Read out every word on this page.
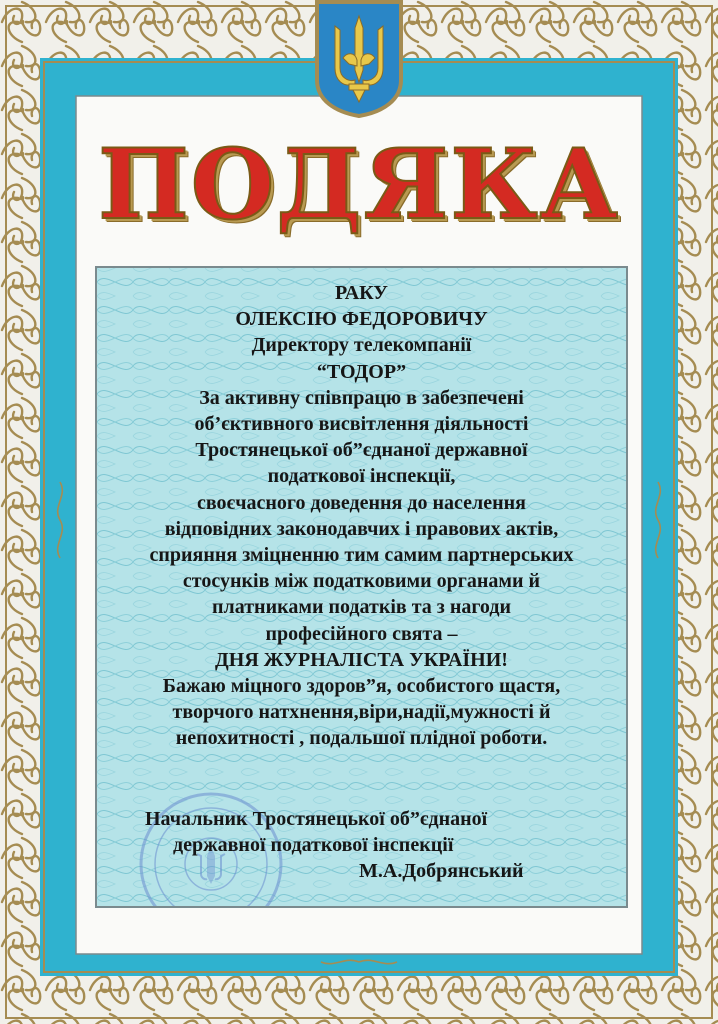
ПОДЯКА
РАКУ
ОЛЕКСІЮ ФЕДОРОВИЧУ
Директору телекомпанії
“ТОДОР”
За активну співпрацю в забезпечені
об’єктивного висвітлення діяльності
Тростянецької об”єднаної державної
податкової інспекції,
своєчасного доведення до населення
відповідних законодавчих і правових актів,
сприяння зміцненню тим самим партнерських
стосунків між податковими органами й
платниками податків та з нагоди
професійного свята –
ДНЯ ЖУРНАЛІСТА УКРАЇНИ!
Бажаю міцного здоров”я, особистого щастя,
творчого натхнення,віри,надії,мужності й
непохитності , подальшої плідної роботи.
Начальник Тростянецької об”єднаної
державної податкової інспекції
М.А.Добрянський
